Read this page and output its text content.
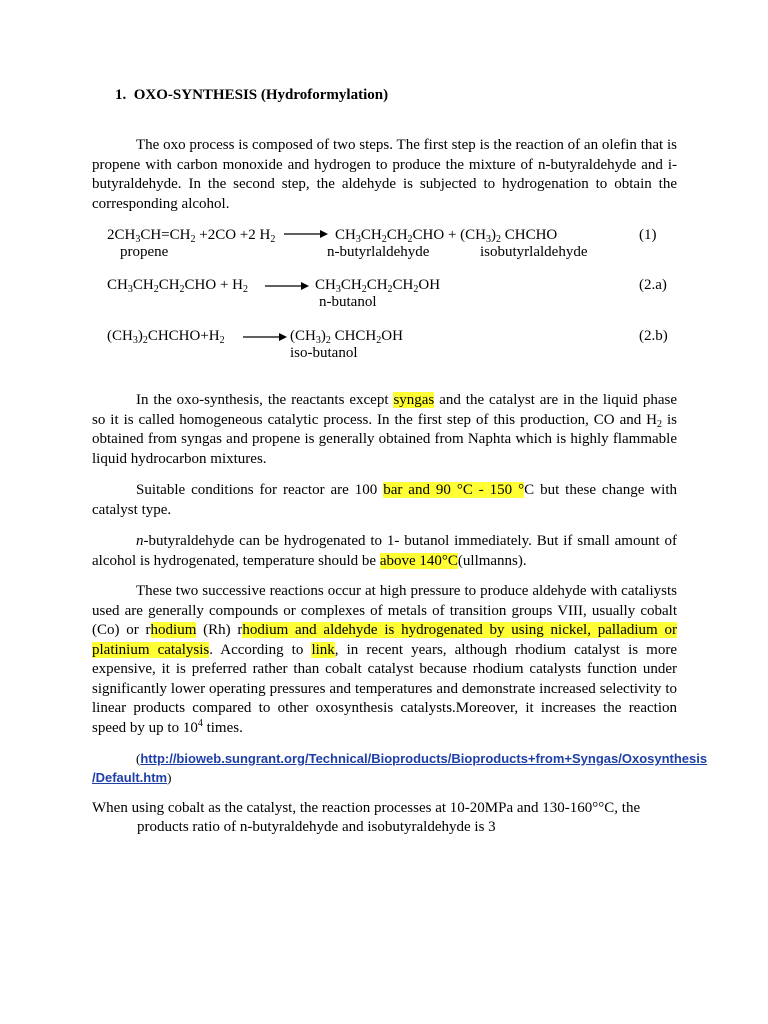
1. OXO-SYNTHESIS (Hydroformylation)
The oxo process is composed of two steps. The first step is the reaction of an olefin that is propene with carbon monoxide and hydrogen to produce the mixture of n-butyraldehyde and i-butyraldehyde. In the second step, the aldehyde is subjected to hydrogenation to obtain the corresponding alcohol.
$2CH_3CH=CH_2 +2CO +2$ $H_2 \to CH_3CH_2CH_2CHO + (CH_3)_2$ CHCHO	(1)
propene	n-butyrlaldehyde	isobutyrlaldehyde
$CH_3CH_2CH_2CHO + H_2 \to CH_3CH_2CH_2CH_2OH$	(2.a)
n-butanol
$(CH_3)_2CHCHO+H_2 \to (CH_3)_2$ $CHCH_2OH$	(2.b)
iso-butanol
In the oxo-synthesis, the reactants except syngas and the catalyst are in the liquid phase so it is called homogeneous catalytic process. In the first step of this production, CO and $H_2$ is obtained from syngas and propene is generally obtained from Naphta which is highly flammable liquid hydrocarbon mixtures.
Suitable conditions for reactor are 100 bar and 90 °C - 150 °C but these change with catalyst type.
n-butyraldehyde can be hydrogenated to 1- butanol immediately. But if small amount of alcohol is hydrogenated, temperature should be above 140°C(ullmanns).
These two successive reactions occur at high pressure to produce aldehyde with cataliysts used are generally compounds or complexes of metals of transition groups VIII, usually cobalt (Co) or rhodium (Rh) rhodium and aldehyde is hydrogenated by using nickel, palladium or platinium catalysis. According to link, in recent years, although rhodium catalyst is more expensive, it is preferred rather than cobalt catalyst because rhodium catalysts function under significantly lower operating pressures and temperatures and demonstrate increased selectivity to linear products compared to other oxosynthesis catalysts.Moreover, it increases the reaction speed by up to $10^4$ times.
(http://bioweb.sungrant.org/Technical/Bioproducts/Bioproducts+from+Syngas/Oxosynthesis
/Default.htm)
When using cobalt as the catalyst, the reaction processes at 10-20MPa and 130-160°°C, the
products ratio of n-butyraldehyde and isobutyraldehyde is 3
